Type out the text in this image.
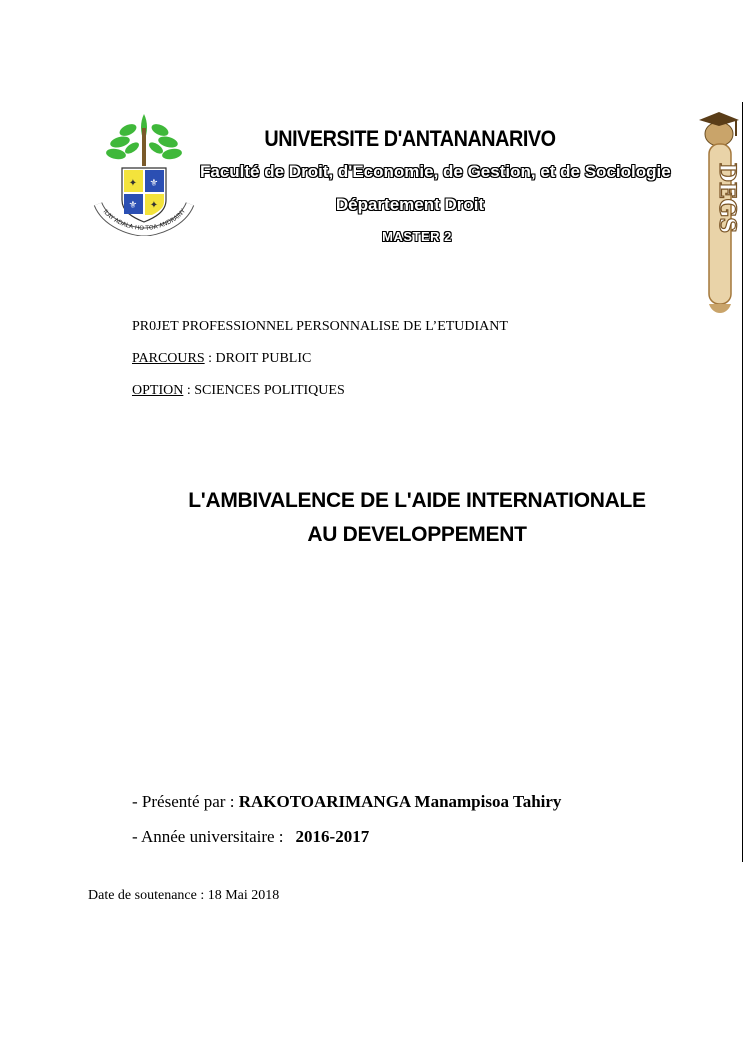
✦ ⚜
⚜ ✦
ILAY ADALA HO TOA ANDRAINY
UNIVERSITE D'ANTANANARIVO
Faculté de Droit, d'Economie, de Gestion, et de Sociologie
Département Droit
MASTER 2
DEGS
PR0JET PROFESSIONNEL PERSONNALISE DE L’ETUDIANT
PARCOURS : DROIT PUBLIC
OPTION : SCIENCES POLITIQUES
L'AMBIVALENCE DE L'AIDE INTERNATIONALE
AU DEVELOPPEMENT
- Présenté par : RAKOTOARIMANGA Manampisoa Tahiry
- Année universitaire : 2016-2017
Date de soutenance : 18 Mai 2018
